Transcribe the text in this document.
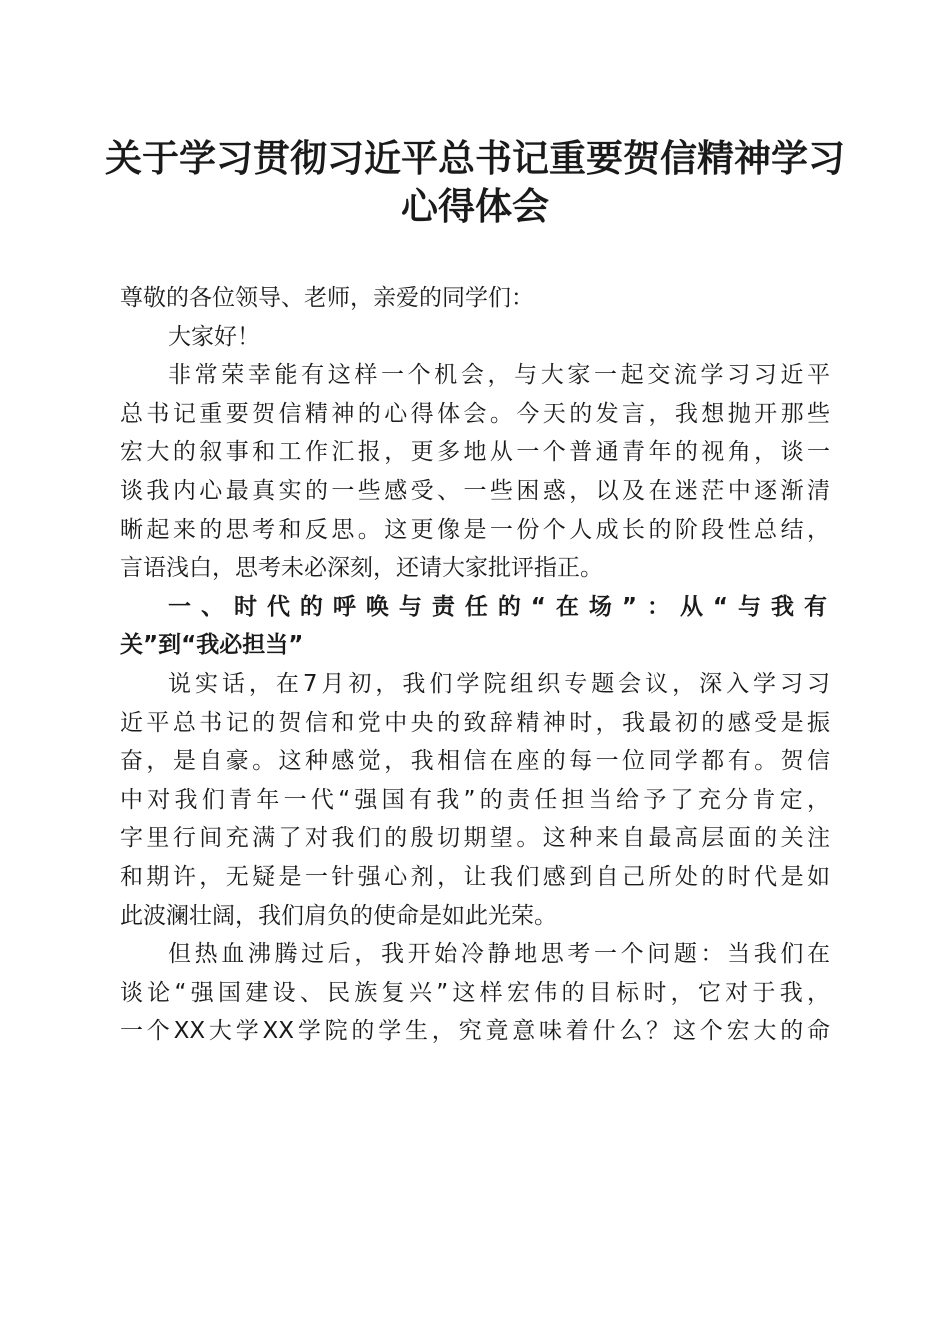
关于学习贯彻习近平总书记重要贺信精神学习
心得体会

尊敬的各位领导、老师，亲爱的同学们：

大家好！

非常荣幸能有这样一个机会，与大家一起交流学习习近平
总书记重要贺信精神的心得体会。今天的发言，我想抛开那些
宏大的叙事和工作汇报，更多地从一个普通青年的视角，谈一
谈我内心最真实的一些感受、一些困惑，以及在迷茫中逐渐清
晰起来的思考和反思。这更像是一份个人成长的阶段性总结，
言语浅白，思考未必深刻，还请大家批评指正。

一、时代的呼唤与责任的“在场”：从“与我有
关”到“我必担当”

说实话，在7月初，我们学院组织专题会议，深入学习习
近平总书记的贺信和党中央的致辞精神时，我最初的感受是振
奋，是自豪。这种感觉，我相信在座的每一位同学都有。贺信
中对我们青年一代“强国有我”的责任担当给予了充分肯定，
字里行间充满了对我们的殷切期望。这种来自最高层面的关注
和期许，无疑是一针强心剂，让我们感到自己所处的时代是如
此波澜壮阔，我们肩负的使命是如此光荣。

但热血沸腾过后，我开始冷静地思考一个问题：当我们在
谈论“强国建设、民族复兴”这样宏伟的目标时，它对于我，
一个XX大学XX学院的学生，究竟意味着什么？这个宏大的命
